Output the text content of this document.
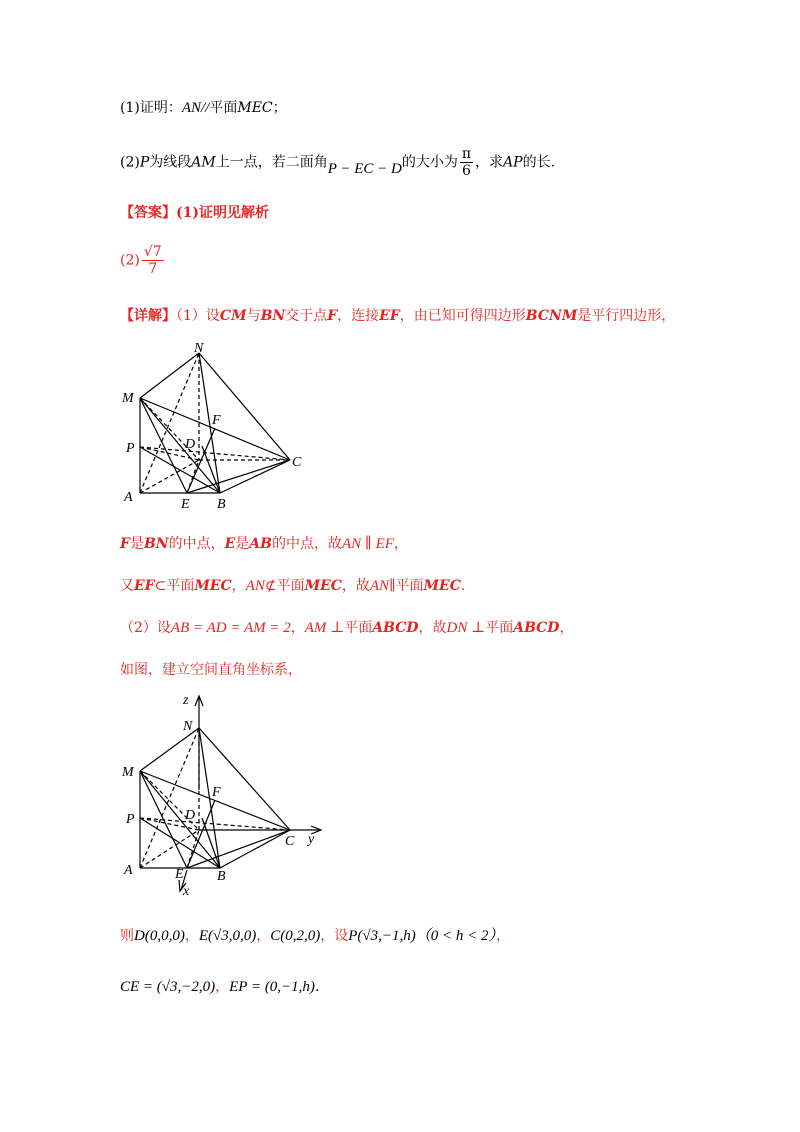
(1)证明：AN//平面MEC；
(2)P为线段AM上一点，若二面角P − EC − D的大小为 $\frac{\pi}{6}$ ，求AP的长.
【答案】(1)证明见解析
$(2) \frac{√7}{7}$
【详解】（1）设CM与BN交于点F，连接EF，由已知可得四边形BCNM是平行四边形，
N
M
F
D
P
C
A	E B
F是BN的中点，E是AB的中点，故AN ∥ EF，
又EF⊂平面MEC，AN⊄平面MEC，故AN∥平面MEC.
（2）设AB = AD = AM = 2，AM ⊥平面ABCD，故DN ⊥平面ABCD，
如图，建立空间直角坐标系，
z
N
M
F
D
P
C y
A	E B
x
则D(0,0,0)，E(√3,0,0)，C(0,2,0)，设P(√3,−1,h)（0 < h < 2），
CE = (√3,−2,0)，EP = (0,−1,h).
